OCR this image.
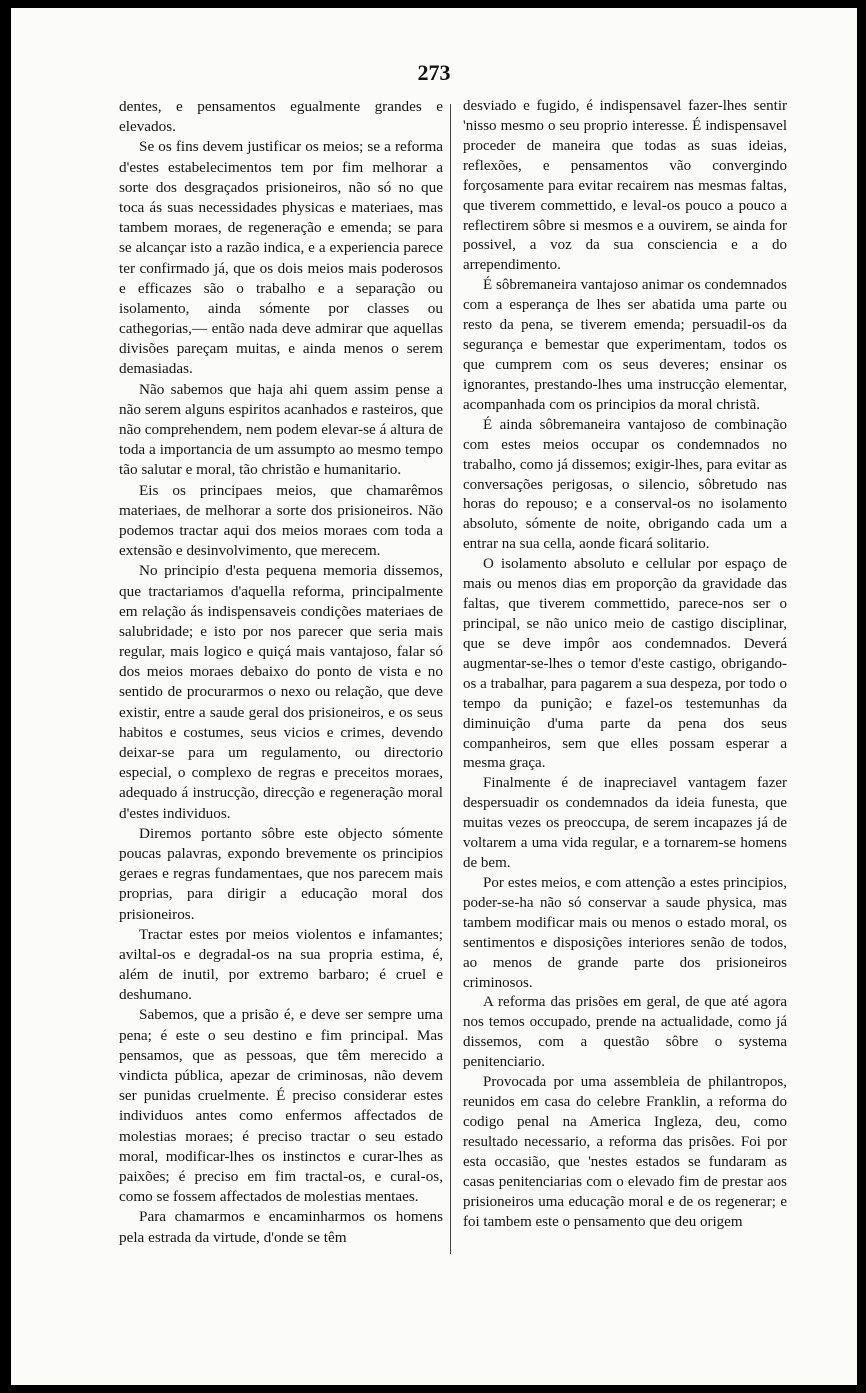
273

dentes, e pensamentos egualmente grandes e elevados.

Se os fins devem justificar os meios; se a reforma d'estes estabelecimentos tem por fim melhorar a sorte dos desgraçados prisioneiros, não só no que toca ás suas necessidades physicas e materiaes, mas tambem moraes, de regeneração e emenda; se para se alcançar isto a razão indica, e a experiencia parece ter confirmado já, que os dois meios mais poderosos e efficazes são o trabalho e a separação ou isolamento, ainda sómente por classes ou cathegorias,— então nada deve admirar que aquellas divisões pareçam muitas, e ainda menos o serem demasiadas.

Não sabemos que haja ahi quem assim pense a não serem alguns espiritos acanhados e rasteiros, que não comprehendem, nem podem elevar-se á altura de toda a importancia de um assumpto ao mesmo tempo tão salutar e moral, tão christão e humanitario.

Eis os principaes meios, que chamarêmos materiaes, de melhorar a sorte dos prisioneiros. Não podemos tractar aqui dos meios moraes com toda a extensão e desinvolvimento, que merecem.

No principio d'esta pequena memoria dissemos, que tractariamos d'aquella reforma, principalmente em relação ás indispensaveis condições materiaes de salubridade; e isto por nos parecer que seria mais regular, mais logico e quiçá mais vantajoso, falar só dos meios moraes debaixo do ponto de vista e no sentido de procurarmos o nexo ou relação, que deve existir, entre a saude geral dos prisioneiros, e os seus habitos e costumes, seus vicios e crimes, devendo deixar-se para um regulamento, ou directorio especial, o complexo de regras e preceitos moraes, adequado á instrucção, direcção e regeneração moral d'estes individuos.

Diremos portanto sôbre este objecto sómente poucas palavras, expondo brevemente os principios geraes e regras fundamentaes, que nos parecem mais proprias, para dirigir a educação moral dos prisioneiros.

Tractar estes por meios violentos e infamantes; aviltal-os e degradal-os na sua propria estima, é, além de inutil, por extremo barbaro; é cruel e deshumano.

Sabemos, que a prisão é, e deve ser sempre uma pena; é este o seu destino e fim principal. Mas pensamos, que as pessoas, que têm merecido a vindicta pública, apezar de criminosas, não devem ser punidas cruelmente. É preciso considerar estes individuos antes como enfermos affectados de molestias moraes; é preciso tractar o seu estado moral, modificar-lhes os instinctos e curar-lhes as paixões; é preciso em fim tractal-os, e cural-os, como se fossem affectados de molestias mentaes.

Para chamarmos e encaminharmos os homens pela estrada da virtude, d'onde se têm

desviado e fugido, é indispensavel fazer-lhes sentir 'nisso mesmo o seu proprio interesse. É indispensavel proceder de maneira que todas as suas ideias, reflexões, e pensamentos vão convergindo forçosamente para evitar recairem nas mesmas faltas, que tiverem commettido, e leval-os pouco a pouco a reflectirem sôbre si mesmos e a ouvirem, se ainda for possivel, a voz da sua consciencia e a do arrependimento.

É sôbremaneira vantajoso animar os condemnados com a esperança de lhes ser abatida uma parte ou resto da pena, se tiverem emenda; persuadil-os da segurança e bemestar que experimentam, todos os que cumprem com os seus deveres; ensinar os ignorantes, prestando-lhes uma instrucção elementar, acompanhada com os principios da moral christã.

É ainda sôbremaneira vantajoso de combinação com estes meios occupar os condemnados no trabalho, como já dissemos; exigir-lhes, para evitar as conversações perigosas, o silencio, sôbretudo nas horas do repouso; e a conserval-os no isolamento absoluto, sómente de noite, obrigando cada um a entrar na sua cella, aonde ficará solitario.

O isolamento absoluto e cellular por espaço de mais ou menos dias em proporção da gravidade das faltas, que tiverem commettido, parece-nos ser o principal, se não unico meio de castigo disciplinar, que se deve impôr aos condemnados. Deverá augmentar-se-lhes o temor d'este castigo, obrigando-os a trabalhar, para pagarem a sua despeza, por todo o tempo da punição; e fazel-os testemunhas da diminuição d'uma parte da pena dos seus companheiros, sem que elles possam esperar a mesma graça.

Finalmente é de inapreciavel vantagem fazer despersuadir os condemnados da ideia funesta, que muitas vezes os preoccupa, de serem incapazes já de voltarem a uma vida regular, e a tornarem-se homens de bem.

Por estes meios, e com attenção a estes principios, poder-se-ha não só conservar a saude physica, mas tambem modificar mais ou menos o estado moral, os sentimentos e disposições interiores senão de todos, ao menos de grande parte dos prisioneiros criminosos.

A reforma das prisões em geral, de que até agora nos temos occupado, prende na actualidade, como já dissemos, com a questão sôbre o systema penitenciario.

Provocada por uma assembleia de philantropos, reunidos em casa do celebre Franklin, a reforma do codigo penal na America Ingleza, deu, como resultado necessario, a reforma das prisões. Foi por esta occasião, que 'nestes estados se fundaram as casas penitenciarias com o elevado fim de prestar aos prisioneiros uma educação moral e de os regenerar; e foi tambem este o pensamento que deu origem
